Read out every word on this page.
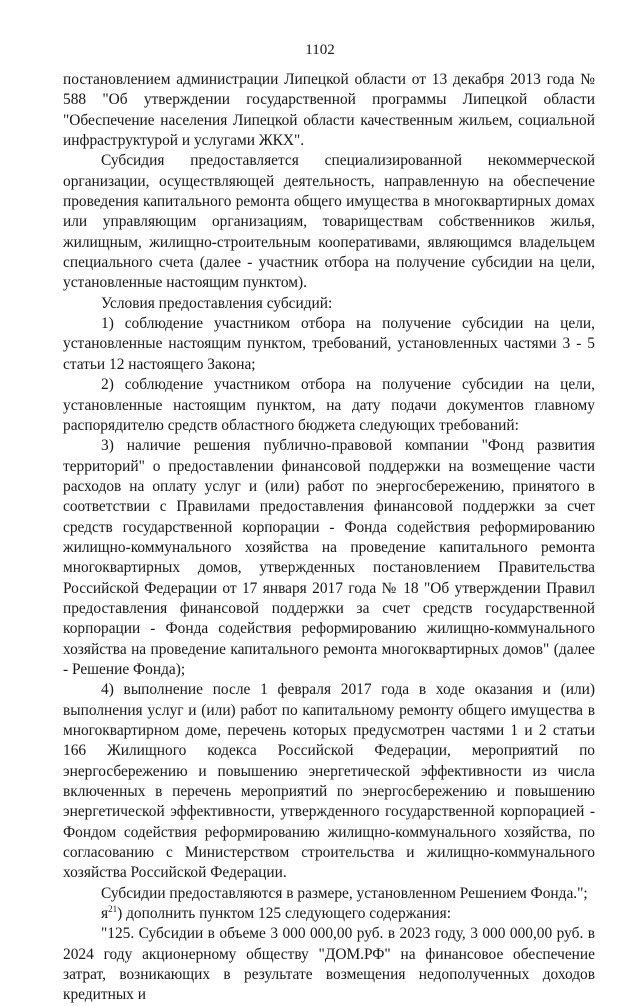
1102

постановлением администрации Липецкой области от 13 декабря 2013 года № 588 "Об утверждении государственной программы Липецкой области "Обеспечение населения Липецкой области качественным жильем, социальной инфраструктурой и услугами ЖКХ".

Субсидия предоставляется специализированной некоммерческой организации, осуществляющей деятельность, направленную на обеспечение проведения капитального ремонта общего имущества в многоквартирных домах или управляющим организациям, товариществам собственников жилья, жилищным, жилищно-строительным кооперативами, являющимся владельцем специального счета (далее - участник отбора на получение субсидии на цели, установленные настоящим пунктом).

Условия предоставления субсидий:

1) соблюдение участником отбора на получение субсидии на цели, установленные настоящим пунктом, требований, установленных частями 3 - 5 статьи 12 настоящего Закона;

2) соблюдение участником отбора на получение субсидии на цели, установленные настоящим пунктом, на дату подачи документов главному распорядителю средств областного бюджета следующих требований:

3) наличие решения публично-правовой компании "Фонд развития территорий" о предоставлении финансовой поддержки на возмещение части расходов на оплату услуг и (или) работ по энергосбережению, принятого в соответствии с Правилами предоставления финансовой поддержки за счет средств государственной корпорации - Фонда содействия реформированию жилищно-коммунального хозяйства на проведение капитального ремонта многоквартирных домов, утвержденных постановлением Правительства Российской Федерации от 17 января 2017 года № 18 "Об утверждении Правил предоставления финансовой поддержки за счет средств государственной корпорации - Фонда содействия реформированию жилищно-коммунального хозяйства на проведение капитального ремонта многоквартирных домов" (далее - Решение Фонда);

4) выполнение после 1 февраля 2017 года в ходе оказания и (или) выполнения услуг и (или) работ по капитальному ремонту общего имущества в многоквартирном доме, перечень которых предусмотрен частями 1 и 2 статьи 166 Жилищного кодекса Российской Федерации, мероприятий по энергосбережению и повышению энергетической эффективности из числа включенных в перечень мероприятий по энергосбережению и повышению энергетической эффективности, утвержденного государственной корпорацией - Фондом содействия реформированию жилищно-коммунального хозяйства, по согласованию с Министерством строительства и жилищно-коммунального хозяйства Российской Федерации.

Субсидии предоставляются в размере, установленном Решением Фонда.";

$я^{21}$) дополнить пунктом 125 следующего содержания:

"125. Субсидии в объеме 3 000 000,00 руб. в 2023 году, 3 000 000,00 руб. в 2024 году акционерному обществу "ДОМ.РФ" на финансовое обеспечение затрат, возникающих в результате возмещения недополученных доходов кредитных и
